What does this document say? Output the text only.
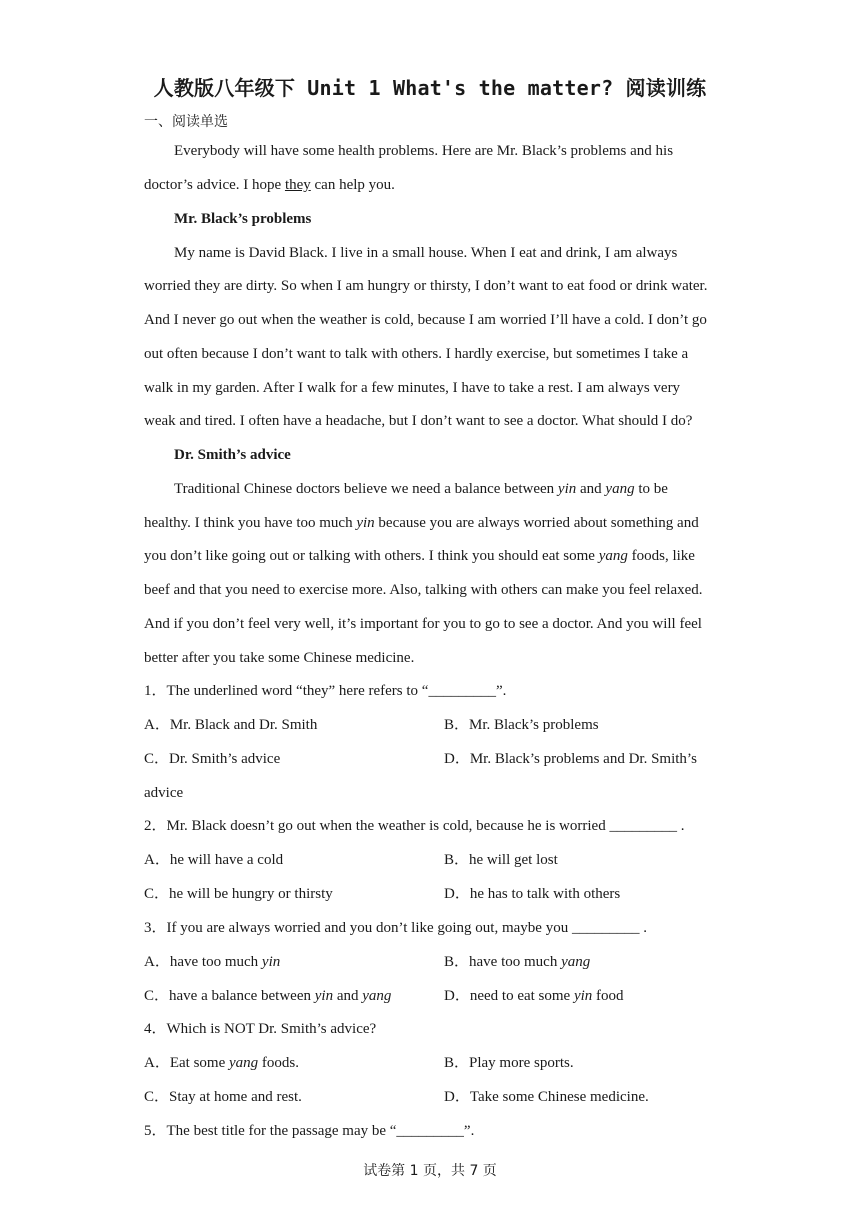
人教版八年级下 Unit 1 What's the matter? 阅读训练
一、阅读单选
Everybody will have some health problems. Here are Mr. Black’s problems and his
doctor’s advice. I hope they can help you.
Mr. Black’s problems
My name is David Black. I live in a small house. When I eat and drink, I am always
worried they are dirty. So when I am hungry or thirsty, I don’t want to eat food or drink water.
And I never go out when the weather is cold, because I am worried I’ll have a cold. I don’t go
out often because I don’t want to talk with others. I hardly exercise, but sometimes I take a
walk in my garden. After I walk for a few minutes, I have to take a rest. I am always very
weak and tired. I often have a headache, but I don’t want to see a doctor. What should I do?
Dr. Smith’s advice
Traditional Chinese doctors believe we need a balance between yin and yang to be
healthy. I think you have too much yin because you are always worried about something and
you don’t like going out or talking with others. I think you should eat some yang foods, like
beef and that you need to exercise more. Also, talking with others can make you feel relaxed.
And if you don’t feel very well, it’s important for you to go to see a doctor. And you will feel
better after you take some Chinese medicine.
1．The underlined word “they” here refers to “_________”.
A．Mr. Black and Dr. Smith	B．Mr. Black’s problems
C．Dr. Smith’s advice	D．Mr. Black’s problems and Dr. Smith’s
advice
2．Mr. Black doesn’t go out when the weather is cold, because he is worried _________ .
A．he will have a cold	B．he will get lost
C．he will be hungry or thirsty	D．he has to talk with others
3．If you are always worried and you don’t like going out, maybe you _________ .
A．have too much yin	B．have too much yang
C．have a balance between yin and yang	D．need to eat some yin food
4．Which is NOT Dr. Smith’s advice?
A．Eat some yang foods.	B．Play more sports.
C．Stay at home and rest.	D．Take some Chinese medicine.
5．The best title for the passage may be “_________”.
试卷第 1 页，共 7 页
